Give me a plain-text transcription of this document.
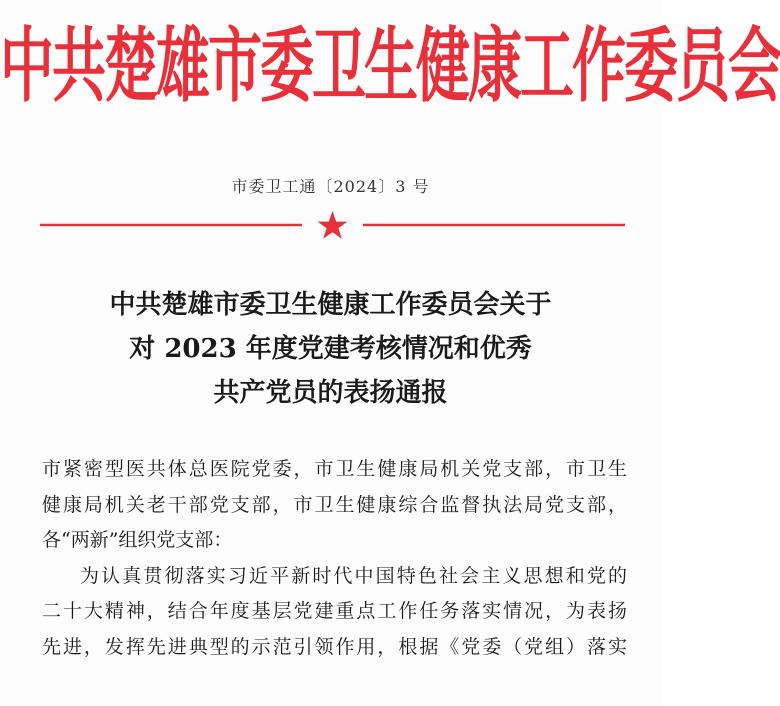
中共楚雄市委卫生健康工作委员会
市委卫工通〔2024〕3 号
中共楚雄市委卫生健康工作委员会关于
对 2023 年度党建考核情况和优秀
共产党员的表扬通报
市紧密型医共体总医院党委，市卫生健康局机关党支部，市卫生
健康局机关老干部党支部，市卫生健康综合监督执法局党支部，
各“两新”组织党支部：
为认真贯彻落实习近平新时代中国特色社会主义思想和党的
二十大精神，结合年度基层党建重点工作任务落实情况，为表扬
先进，发挥先进典型的示范引领作用，根据《党委（党组）落实
